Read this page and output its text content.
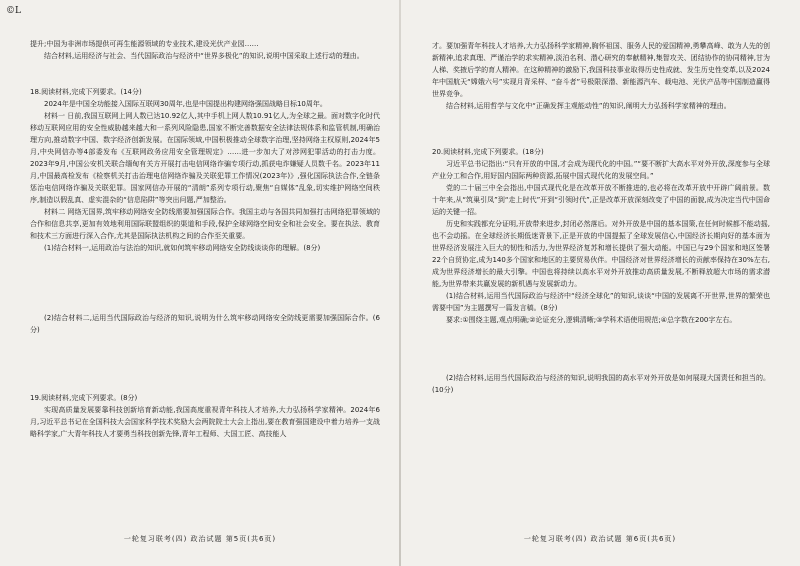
©L

提升;中国为非洲市场提供可再生能源领域的专业技术,建设光伏产业园……

结合材料,运用经济与社会、当代国际政治与经济中“世界多极化”的知识,说明中国采取上述行动的理由。

18.阅读材料,完成下列要求。(14分)

2024年是中国全功能接入国际互联网30周年,也是中国提出构建网络强国战略目标10周年。

材料一 日前,我国互联网上网人数已达10.92亿人,其中手机上网人数10.91亿人,为全球之最。面对数字化时代移动互联网应用的安全性威胁越来越大和一系列风险隐患,国家不断完善数据安全法律法规体系和监管机制,明确治理方向,推动数字中国、数字经济创新发展。在国际领域,中国积极推动全球数字治理,坚持网络主权原则,2024年5月,中央网信办等4部委发布《互联网政务应用安全管理规定》……进一步加大了对涉网犯罪活动的打击力度。2023年9月,中国公安机关联合缅甸有关方开展打击电信网络诈骗专项行动,抓获电诈嫌疑人员数千名。2023年11月,中国最高检发布《检察机关打击治理电信网络诈骗及关联犯罪工作情况(2023年)》,强化国际执法合作,全链条惩治电信网络诈骗及关联犯罪。国家网信办开展的“清朗”系列专项行动,聚焦“自媒体”乱象,切实维护网络空间秩序,制造以假乱真、虚实混杂的“信息陷阱”等突出问题,严加整治。

材料二 网络无国界,筑牢移动网络安全防线需要加强国际合作。我国主动与各国共同加强打击网络犯罪领域的合作和信息共享,更加有效地利用国际联盟组织的渠道和手段,保护全球网络空间安全和社会安全。要在执法、教育和技术三方面进行深入合作,尤其是国际执法机构之间的合作至关重要。

(1)结合材料一,运用政治与法治的知识,就如何筑牢移动网络安全防线谈谈你的理解。(8分)

(2)结合材料二,运用当代国际政治与经济的知识,说明为什么筑牢移动网络安全防线更需要加强国际合作。(6分)

19.阅读材料,完成下列要求。(8分)

实现高质量发展要靠科技创新培育新动能,我国高度重视青年科技人才培养,大力弘扬科学家精神。2024年6月,习近平总书记在全国科技大会国家科学技术奖励大会两院院士大会上指出,要在教育强国建设中着力培养一支战略科学家,广大青年科技人才要勇当科技创新先锋,青年工程师、大国工匠、高技能人

一轮复习联考(四) 政治试题 第5页(共6页)

才。要加强青年科技人才培养,大力弘扬科学家精神,胸怀祖国、服务人民的爱国精神,勇攀高峰、敢为人先的创新精神,追求真理、严谨治学的求实精神,淡泊名利、潜心研究的奉献精神,集智攻关、团结协作的协同精神,甘为人梯、奖掖后学的育人精神。在这种精神的激励下,我国科技事业取得历史性成就、发生历史性变革,以及2024年中国航天“嫦娥六号”实现月背采样、“奋斗者”号极限深潜、新能源汽车、载电池、光伏产品等中国制造赢得世界竞争。

结合材料,运用哲学与文化中“正确发挥主观能动性”的知识,阐明大力弘扬科学家精神的理由。

20.阅读材料,完成下列要求。(18分)

习近平总书记指出:“只有开放的中国,才会成为现代化的中国。”“要不断扩大高水平对外开放,深度参与全球产业分工和合作,用好国内国际两种资源,拓展中国式现代化的发展空间。”

党的二十届三中全会指出,中国式现代化是在改革开放不断推进的,也必将在改革开放中开辟广阔前景。数十年来,从“筑巢引凤”到“走上时代”开到“引领时代”,正是改革开放深刻改变了中国的面貌,成为决定当代中国命运的关键一招。

历史和实践都充分证明,开放带来进步,封闭必然落后。对外开放是中国的基本国策,在任何时候都不能动摇,也不会动摇。在全球经济长期低迷背景下,正是开放的中国提振了全球发展信心,中国经济长期向好的基本面为世界经济发展注入巨大的韧性和活力,为世界经济复苏和增长提供了强大动能。中国已与29个国家和地区签署22个自贸协定,成为140多个国家和地区的主要贸易伙伴。中国经济对世界经济增长的贡献率保持在30%左右,成为世界经济增长的最大引擎。中国也将持续以高水平对外开放推动高质量发展,不断释放超大市场的需求潜能,为世界带来共赢发展的新机遇与发展新动力。

(1)结合材料,运用当代国际政治与经济中“经济全球化”的知识,谈谈“中国的发展离不开世界,世界的繁荣也需要中国”为主题撰写一篇发言稿。(8分)

要求:①围绕主题,观点明确;②论证充分,逻辑清晰;③学科术语使用规范;④总字数在200字左右。

(2)结合材料,运用当代国际政治与经济的知识,说明我国的高水平对外开放是如何展现大国责任和担当的。(10分)

一轮复习联考(四) 政治试题 第6页(共6页)
